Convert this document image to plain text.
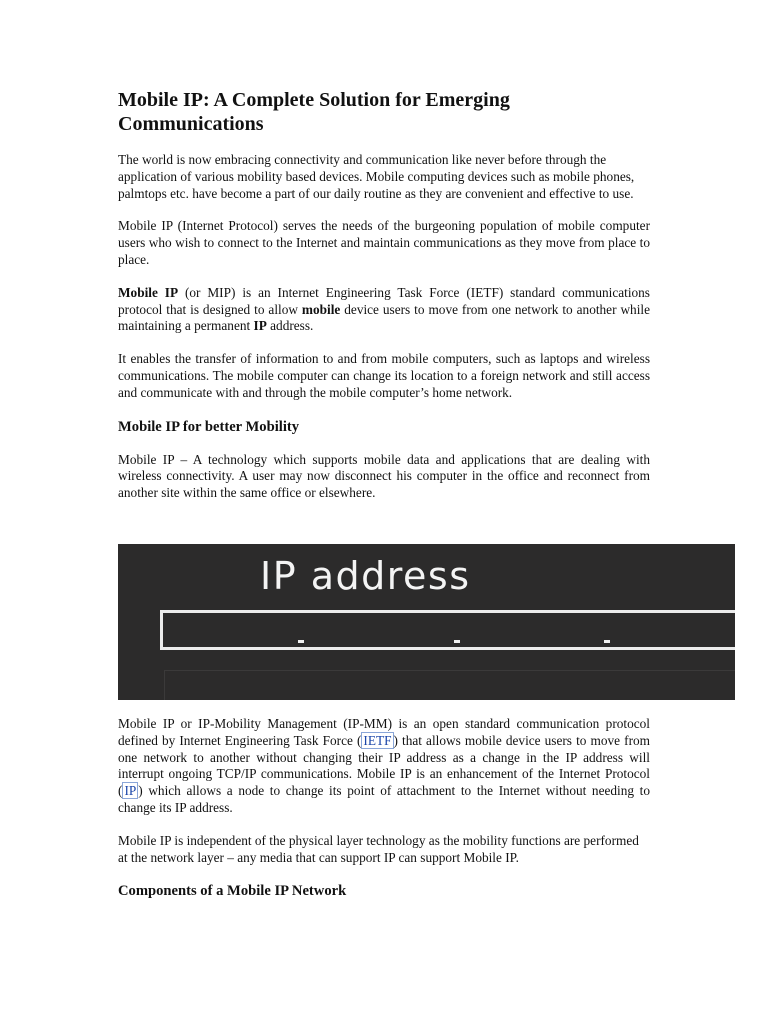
Mobile IP: A Complete Solution for Emerging Communications

The world is now embracing connectivity and communication like never before through the application of various mobility based devices. Mobile computing devices such as mobile phones, palmtops etc. have become a part of our daily routine as they are convenient and effective to use.

Mobile IP (Internet Protocol) serves the needs of the burgeoning population of mobile computer users who wish to connect to the Internet and maintain communications as they move from place to place.

Mobile IP (or MIP) is an Internet Engineering Task Force (IETF) standard communications protocol that is designed to allow mobile device users to move from one network to another while maintaining a permanent IP address.

It enables the transfer of information to and from mobile computers, such as laptops and wireless communications. The mobile computer can change its location to a foreign network and still access and communicate with and through the mobile computer’s home network.

Mobile IP for better Mobility

Mobile IP – A technology which supports mobile data and applications that are dealing with wireless connectivity. A user may now disconnect his computer in the office and reconnect from another site within the same office or elsewhere.

IP address

Mobile IP or IP-Mobility Management (IP-MM) is an open standard communication protocol defined by Internet Engineering Task Force ( IETF ) that allows mobile device users to move from one network to another without changing their IP address as a change in the IP address will interrupt ongoing TCP/IP communications. Mobile IP is an enhancement of the Internet Protocol ( IP ) which allows a node to change its point of attachment to the Internet without needing to change its IP address.

Mobile IP is independent of the physical layer technology as the mobility functions are performed at the network layer – any media that can support IP can support Mobile IP.

Components of a Mobile IP Network
